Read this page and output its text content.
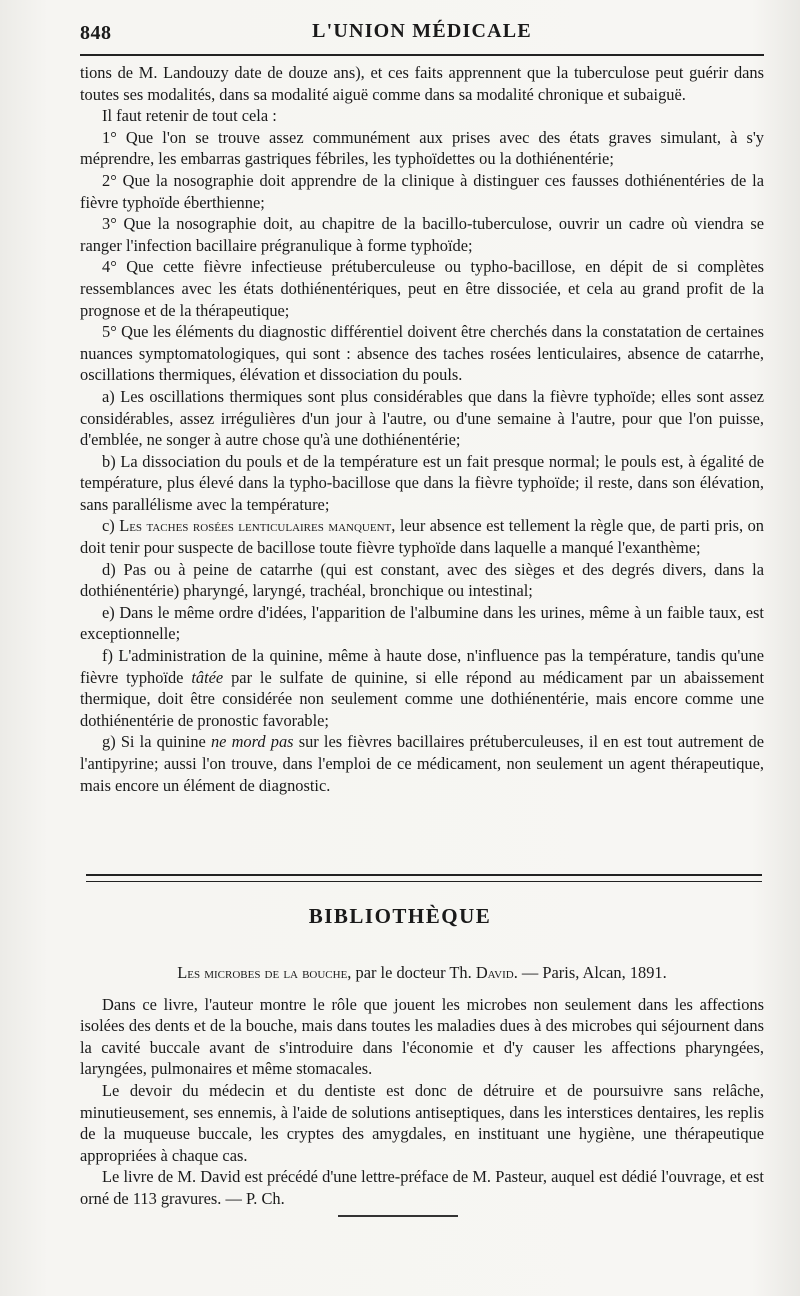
848	L'UNION MÉDICALE

tions de M. Landouzy date de douze ans), et ces faits apprennent que la tuberculose peut guérir dans toutes ses modalités, dans sa modalité aiguë comme dans sa modalité chronique et subaiguë.

Il faut retenir de tout cela :

1° Que l'on se trouve assez communément aux prises avec des états graves simulant, à s'y méprendre, les embarras gastriques fébriles, les typhoïdettes ou la dothiénentérie;

2° Que la nosographie doit apprendre de la clinique à distinguer ces fausses dothiénentéries de la fièvre typhoïde éberthienne;

3° Que la nosographie doit, au chapitre de la bacillo-tuberculose, ouvrir un cadre où viendra se ranger l'infection bacillaire prégranulique à forme typhoïde;

4° Que cette fièvre infectieuse prétuberculeuse ou typho-bacillose, en dépit de si complètes ressemblances avec les états dothiénentériques, peut en être dissociée, et cela au grand profit de la prognose et de la thérapeutique;

5° Que les éléments du diagnostic différentiel doivent être cherchés dans la constatation de certaines nuances symptomatologiques, qui sont : absence des taches rosées lenticulaires, absence de catarrhe, oscillations thermiques, élévation et dissociation du pouls.

a) Les oscillations thermiques sont plus considérables que dans la fièvre typhoïde; elles sont assez considérables, assez irrégulières d'un jour à l'autre, ou d'une semaine à l'autre, pour que l'on puisse, d'emblée, ne songer à autre chose qu'à une dothiénentérie;

b) La dissociation du pouls et de la température est un fait presque normal; le pouls est, à égalité de température, plus élevé dans la typho-bacillose que dans la fièvre typhoïde; il reste, dans son élévation, sans parallélisme avec la température;

c) Les taches rosées lenticulaires manquent, leur absence est tellement la règle que, de parti pris, on doit tenir pour suspecte de bacillose toute fièvre typhoïde dans laquelle a manqué l'exanthème;

d) Pas ou à peine de catarrhe (qui est constant, avec des sièges et des degrés divers, dans la dothiénentérie) pharyngé, laryngé, trachéal, bronchique ou intestinal;

e) Dans le même ordre d'idées, l'apparition de l'albumine dans les urines, même à un faible taux, est exceptionnelle;

f) L'administration de la quinine, même à haute dose, n'influence pas la température, tandis qu'une fièvre typhoïde tâtée par le sulfate de quinine, si elle répond au médicament par un abaissement thermique, doit être considérée non seulement comme une dothiénentérie, mais encore comme une dothiénentérie de pronostic favorable;

g) Si la quinine ne mord pas sur les fièvres bacillaires prétuberculeuses, il en est tout autrement de l'antipyrine; aussi l'on trouve, dans l'emploi de ce médicament, non seulement un agent thérapeutique, mais encore un élément de diagnostic.

BIBLIOTHÈQUE

Les microbes de la bouche, par le docteur Th. David. — Paris, Alcan, 1891.

Dans ce livre, l'auteur montre le rôle que jouent les microbes non seulement dans les affections isolées des dents et de la bouche, mais dans toutes les maladies dues à des microbes qui séjournent dans la cavité buccale avant de s'introduire dans l'économie et d'y causer les affections pharyngées, laryngées, pulmonaires et même stomacales.

Le devoir du médecin et du dentiste est donc de détruire et de poursuivre sans relâche, minutieusement, ses ennemis, à l'aide de solutions antiseptiques, dans les interstices dentaires, les replis de la muqueuse buccale, les cryptes des amygdales, en instituant une hygiène, une thérapeutique appropriées à chaque cas.

Le livre de M. David est précédé d'une lettre-préface de M. Pasteur, auquel est dédié l'ouvrage, et est orné de 113 gravures. — P. Ch.
